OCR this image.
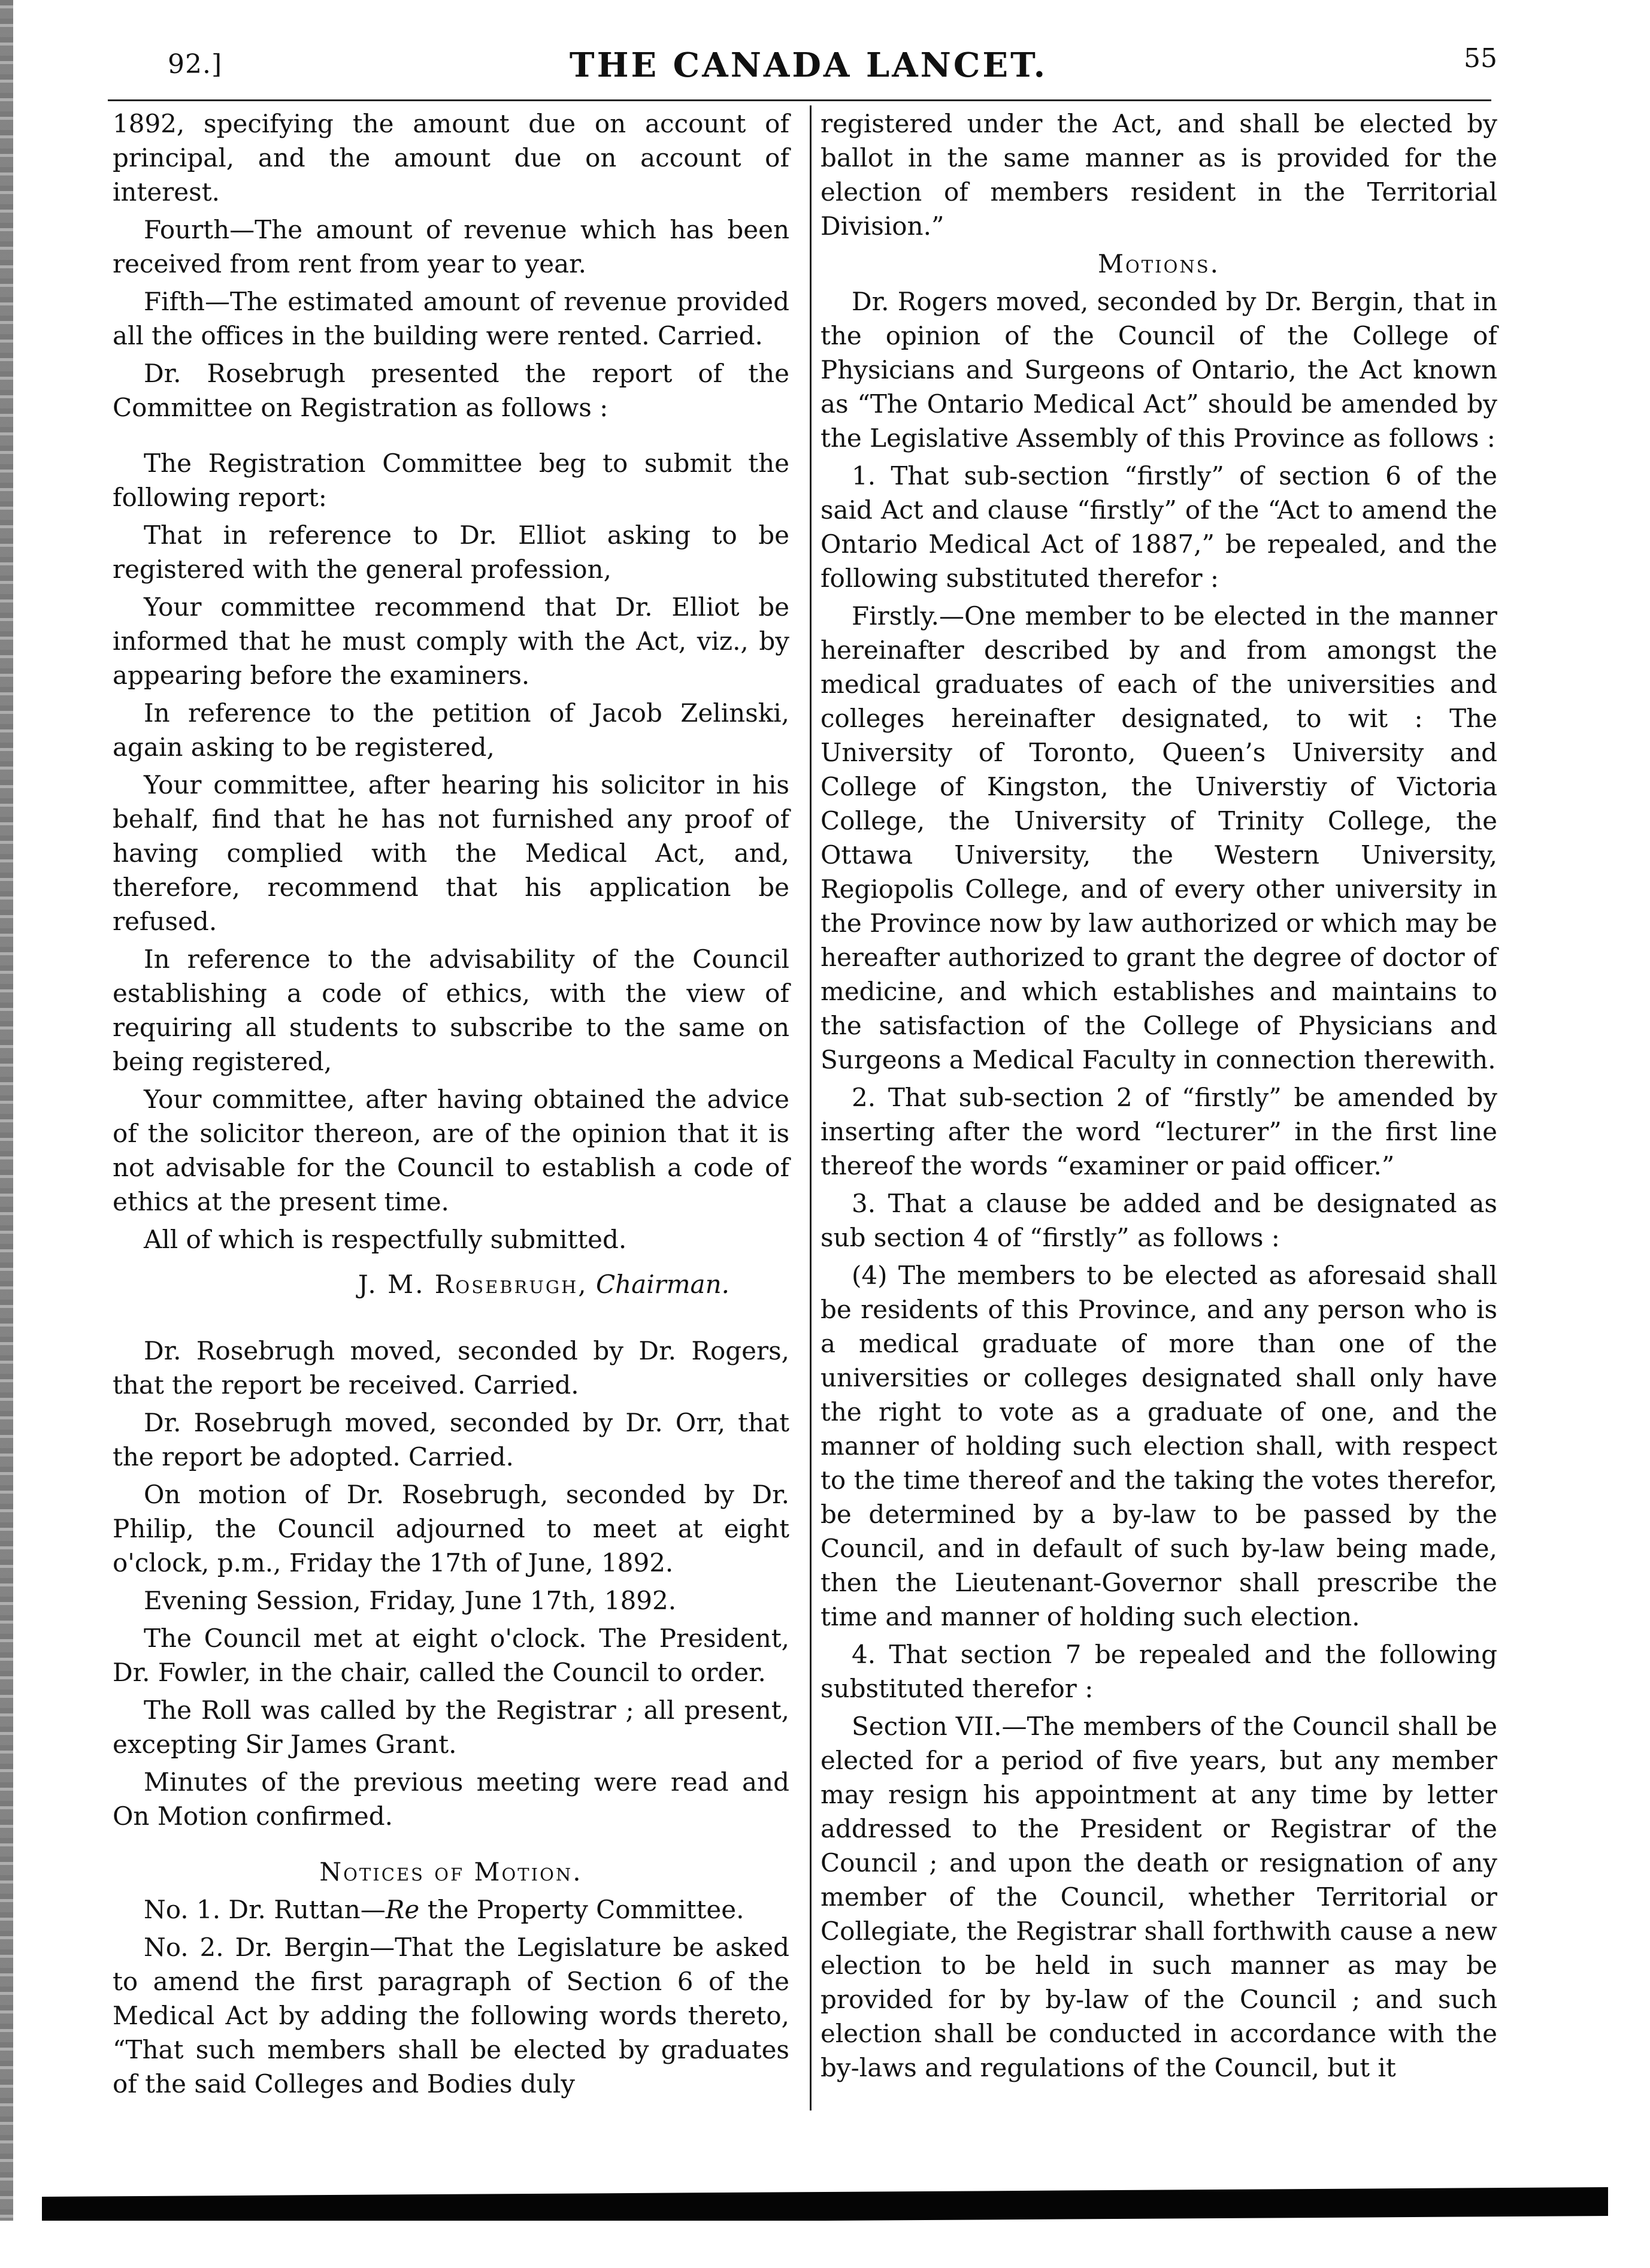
92.]	THE CANADA LANCET.	55

1892, specifying the amount due on account of principal, and the amount due on account of interest.

Fourth—The amount of revenue which has been received from rent from year to year.

Fifth—The estimated amount of revenue provided all the offices in the building were rented. Carried.

Dr. Rosebrugh presented the report of the Committee on Registration as follows :

The Registration Committee beg to submit the following report:

That in reference to Dr. Elliot asking to be registered with the general profession,

Your committee recommend that Dr. Elliot be informed that he must comply with the Act, viz., by appearing before the examiners.

In reference to the petition of Jacob Zelinski, again asking to be registered,

Your committee, after hearing his solicitor in his behalf, find that he has not furnished any proof of having complied with the Medical Act, and, therefore, recommend that his application be refused.

In reference to the advisability of the Council establishing a code of ethics, with the view of requiring all students to subscribe to the same on being registered,

Your committee, after having obtained the advice of the solicitor thereon, are of the opinion that it is not advisable for the Council to establish a code of ethics at the present time.

All of which is respectfully submitted.

J. M. Rosebrugh, Chairman.

Dr. Rosebrugh moved, seconded by Dr. Rogers, that the report be received. Carried.

Dr. Rosebrugh moved, seconded by Dr. Orr, that the report be adopted. Carried.

On motion of Dr. Rosebrugh, seconded by Dr. Philip, the Council adjourned to meet at eight o'clock, p.m., Friday the 17th of June, 1892.

Evening Session, Friday, June 17th, 1892.

The Council met at eight o'clock. The President, Dr. Fowler, in the chair, called the Council to order.

The Roll was called by the Registrar ; all present, excepting Sir James Grant.

Minutes of the previous meeting were read and On Motion confirmed.

Notices of Motion.

No. 1. Dr. Ruttan—Re the Property Committee.

No. 2. Dr. Bergin—That the Legislature be asked to amend the first paragraph of Section 6 of the Medical Act by adding the following words thereto, “That such members shall be elected by graduates of the said Colleges and Bodies duly

registered under the Act, and shall be elected by ballot in the same manner as is provided for the election of members resident in the Territorial Division.”

Motions.

Dr. Rogers moved, seconded by Dr. Bergin, that in the opinion of the Council of the College of Physicians and Surgeons of Ontario, the Act known as “The Ontario Medical Act” should be amended by the Legislative Assembly of this Province as follows :

1. That sub-section “firstly” of section 6 of the said Act and clause “firstly” of the “Act to amend the Ontario Medical Act of 1887,” be repealed, and the following substituted therefor :

Firstly.—One member to be elected in the manner hereinafter described by and from amongst the medical graduates of each of the universities and colleges hereinafter designated, to wit : The University of Toronto, Queen’s University and College of Kingston, the Universtiy of Victoria College, the University of Trinity College, the Ottawa University, the Western University, Regiopolis College, and of every other university in the Province now by law authorized or which may be hereafter authorized to grant the degree of doctor of medicine, and which establishes and maintains to the satisfaction of the College of Physicians and Surgeons a Medical Faculty in connection therewith.

2. That sub-section 2 of “firstly” be amended by inserting after the word “lecturer” in the first line thereof the words “examiner or paid officer.”

3. That a clause be added and be designated as sub section 4 of “firstly” as follows :

(4) The members to be elected as aforesaid shall be residents of this Province, and any person who is a medical graduate of more than one of the universities or colleges designated shall only have the right to vote as a graduate of one, and the manner of holding such election shall, with respect to the time thereof and the taking the votes therefor, be determined by a by-law to be passed by the Council, and in default of such by-law being made, then the Lieutenant-Governor shall prescribe the time and manner of holding such election.

4. That section 7 be repealed and the following substituted therefor :

Section VII.—The members of the Council shall be elected for a period of five years, but any member may resign his appointment at any time by letter addressed to the President or Registrar of the Council ; and upon the death or resignation of any member of the Council, whether Territorial or Collegiate, the Registrar shall forthwith cause a new election to be held in such manner as may be provided for by by-law of the Council ; and such election shall be conducted in accordance with the by-laws and regulations of the Council, but it
